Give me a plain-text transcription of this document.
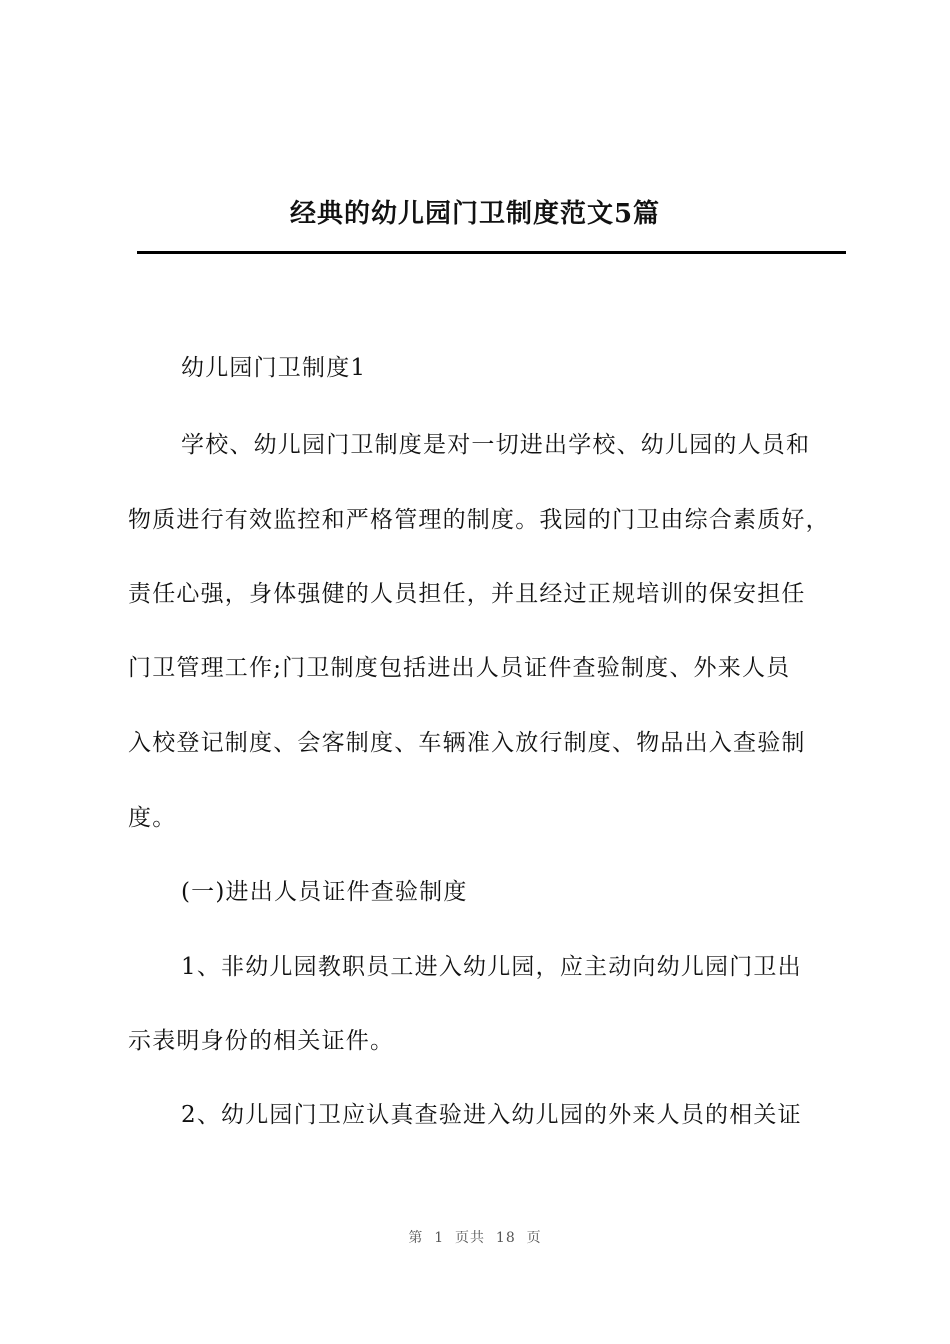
经典的幼儿园门卫制度范文5篇
幼儿园门卫制度1
学校、幼儿园门卫制度是对一切进出学校、幼儿园的人员和
物质进行有效监控和严格管理的制度。我园的门卫由综合素质好，
责任心强，身体强健的人员担任，并且经过正规培训的保安担任
门卫管理工作;门卫制度包括进出人员证件查验制度、外来人员
入校登记制度、会客制度、车辆准入放行制度、物品出入查验制
度。
(一)进出人员证件查验制度
1、非幼儿园教职员工进入幼儿园，应主动向幼儿园门卫出
示表明身份的相关证件。
2、幼儿园门卫应认真查验进入幼儿园的外来人员的相关证
第  1  页共  18  页
